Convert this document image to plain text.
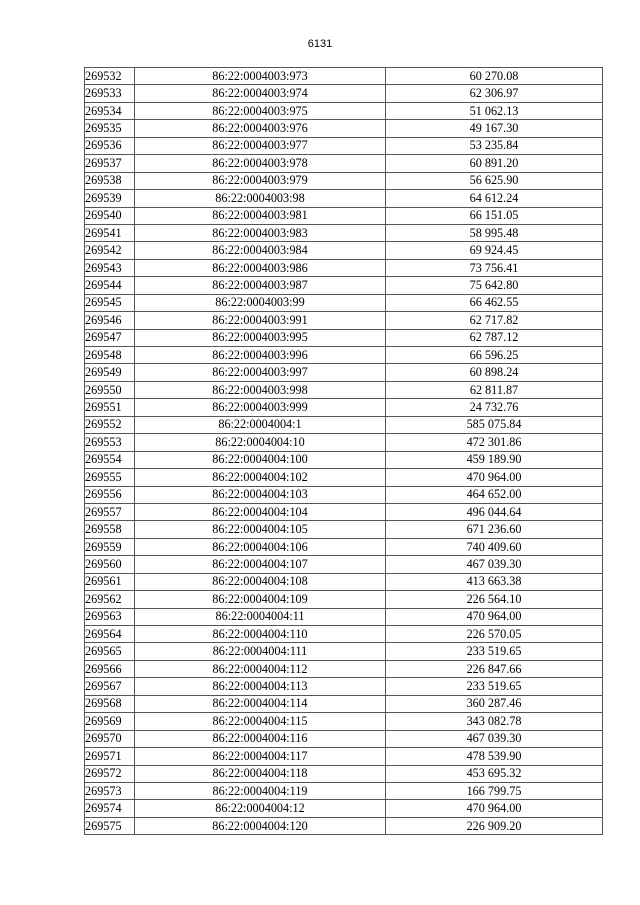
6131
269532	86:22:0004003:973	60 270.08
269533	86:22:0004003:974	62 306.97
269534	86:22:0004003:975	51 062.13
269535	86:22:0004003:976	49 167.30
269536	86:22:0004003:977	53 235.84
269537	86:22:0004003:978	60 891.20
269538	86:22:0004003:979	56 625.90
269539	86:22:0004003:98	64 612.24
269540	86:22:0004003:981	66 151.05
269541	86:22:0004003:983	58 995.48
269542	86:22:0004003:984	69 924.45
269543	86:22:0004003:986	73 756.41
269544	86:22:0004003:987	75 642.80
269545	86:22:0004003:99	66 462.55
269546	86:22:0004003:991	62 717.82
269547	86:22:0004003:995	62 787.12
269548	86:22:0004003:996	66 596.25
269549	86:22:0004003:997	60 898.24
269550	86:22:0004003:998	62 811.87
269551	86:22:0004003:999	24 732.76
269552	86:22:0004004:1	585 075.84
269553	86:22:0004004:10	472 301.86
269554	86:22:0004004:100	459 189.90
269555	86:22:0004004:102	470 964.00
269556	86:22:0004004:103	464 652.00
269557	86:22:0004004:104	496 044.64
269558	86:22:0004004:105	671 236.60
269559	86:22:0004004:106	740 409.60
269560	86:22:0004004:107	467 039.30
269561	86:22:0004004:108	413 663.38
269562	86:22:0004004:109	226 564.10
269563	86:22:0004004:11	470 964.00
269564	86:22:0004004:110	226 570.05
269565	86:22:0004004:111	233 519.65
269566	86:22:0004004:112	226 847.66
269567	86:22:0004004:113	233 519.65
269568	86:22:0004004:114	360 287.46
269569	86:22:0004004:115	343 082.78
269570	86:22:0004004:116	467 039.30
269571	86:22:0004004:117	478 539.90
269572	86:22:0004004:118	453 695.32
269573	86:22:0004004:119	166 799.75
269574	86:22:0004004:12	470 964.00
269575	86:22:0004004:120	226 909.20
